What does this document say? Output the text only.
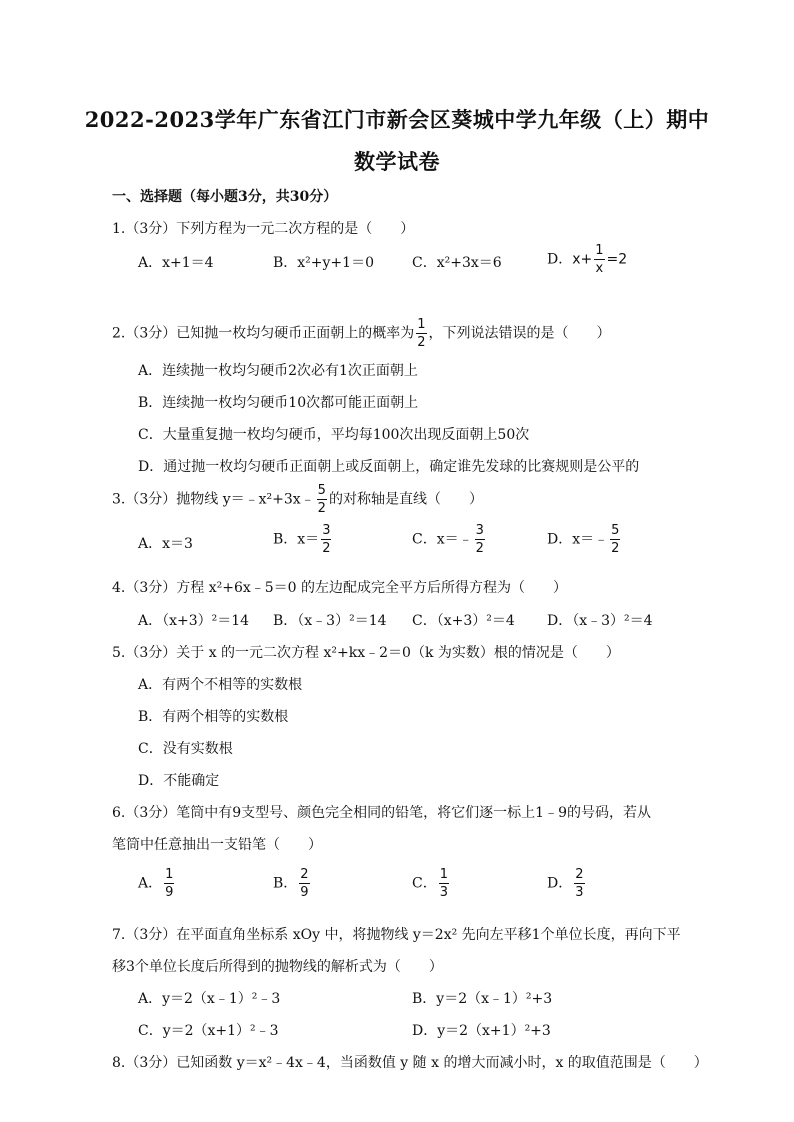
2022-2023学年广东省江门市新会区葵城中学九年级（上）期中
数学试卷
一、选择题（每小题3分，共30分）
1.（3分）下列方程为一元二次方程的是（　　）
A．x+1＝4	B．x²+y+1＝0	C．x²+3x＝6	D．$x+ \frac{1}{x} =2$
2.（3分）已知抛一枚均匀硬币正面朝上的概率为 $\frac{1}{2}$ ，下列说法错误的是（　　）
A．连续抛一枚均匀硬币2次必有1次正面朝上
B．连续抛一枚均匀硬币10次都可能正面朝上
C．大量重复抛一枚均匀硬币，平均每100次出现反面朝上50次
D．通过抛一枚均匀硬币正面朝上或反面朝上，确定谁先发球的比赛规则是公平的
3.（3分）抛物线 y＝﹣x²+3x﹣ $\frac{5}{2}$ 的对称轴是直线（　　）
A．x＝3	B．$x= \frac{3}{2}$	C．x＝﹣ $\frac{3}{2}$	D．x＝﹣ $\frac{5}{2}$
4.（3分）方程 x²+6x﹣5＝0 的左边配成完全平方后所得方程为（　　）
A．（x+3）²＝14 B．（x﹣3）²＝14 C．（x+3）²＝4 D．（x﹣3）²＝4
5.（3分）关于 x 的一元二次方程 x²+kx﹣2＝0（k 为实数）根的情况是（　　）
A．有两个不相等的实数根
B．有两个相等的实数根
C．没有实数根
D．不能确定
6.（3分）笔筒中有9支型号、颜色完全相同的铅笔，将它们逐一标上1﹣9的号码，若从
笔筒中任意抽出一支铅笔（　　）
A． $\frac{1}{9}$	B． $\frac{2}{9}$	C． $\frac{1}{3}$	D． $\frac{2}{3}$
7.（3分）在平面直角坐标系 xOy 中，将抛物线 y＝2x² 先向左平移1个单位长度，再向下平
移3个单位长度后所得到的抛物线的解析式为（　　）
A．y＝2（x﹣1）²﹣3	B．y＝2（x﹣1）²+3
C．y＝2（x+1）²﹣3	D．y＝2（x+1）²+3
8.（3分）已知函数 y＝x²﹣4x﹣4，当函数值 y 随 x 的增大而减小时，x 的取值范围是（　　）
